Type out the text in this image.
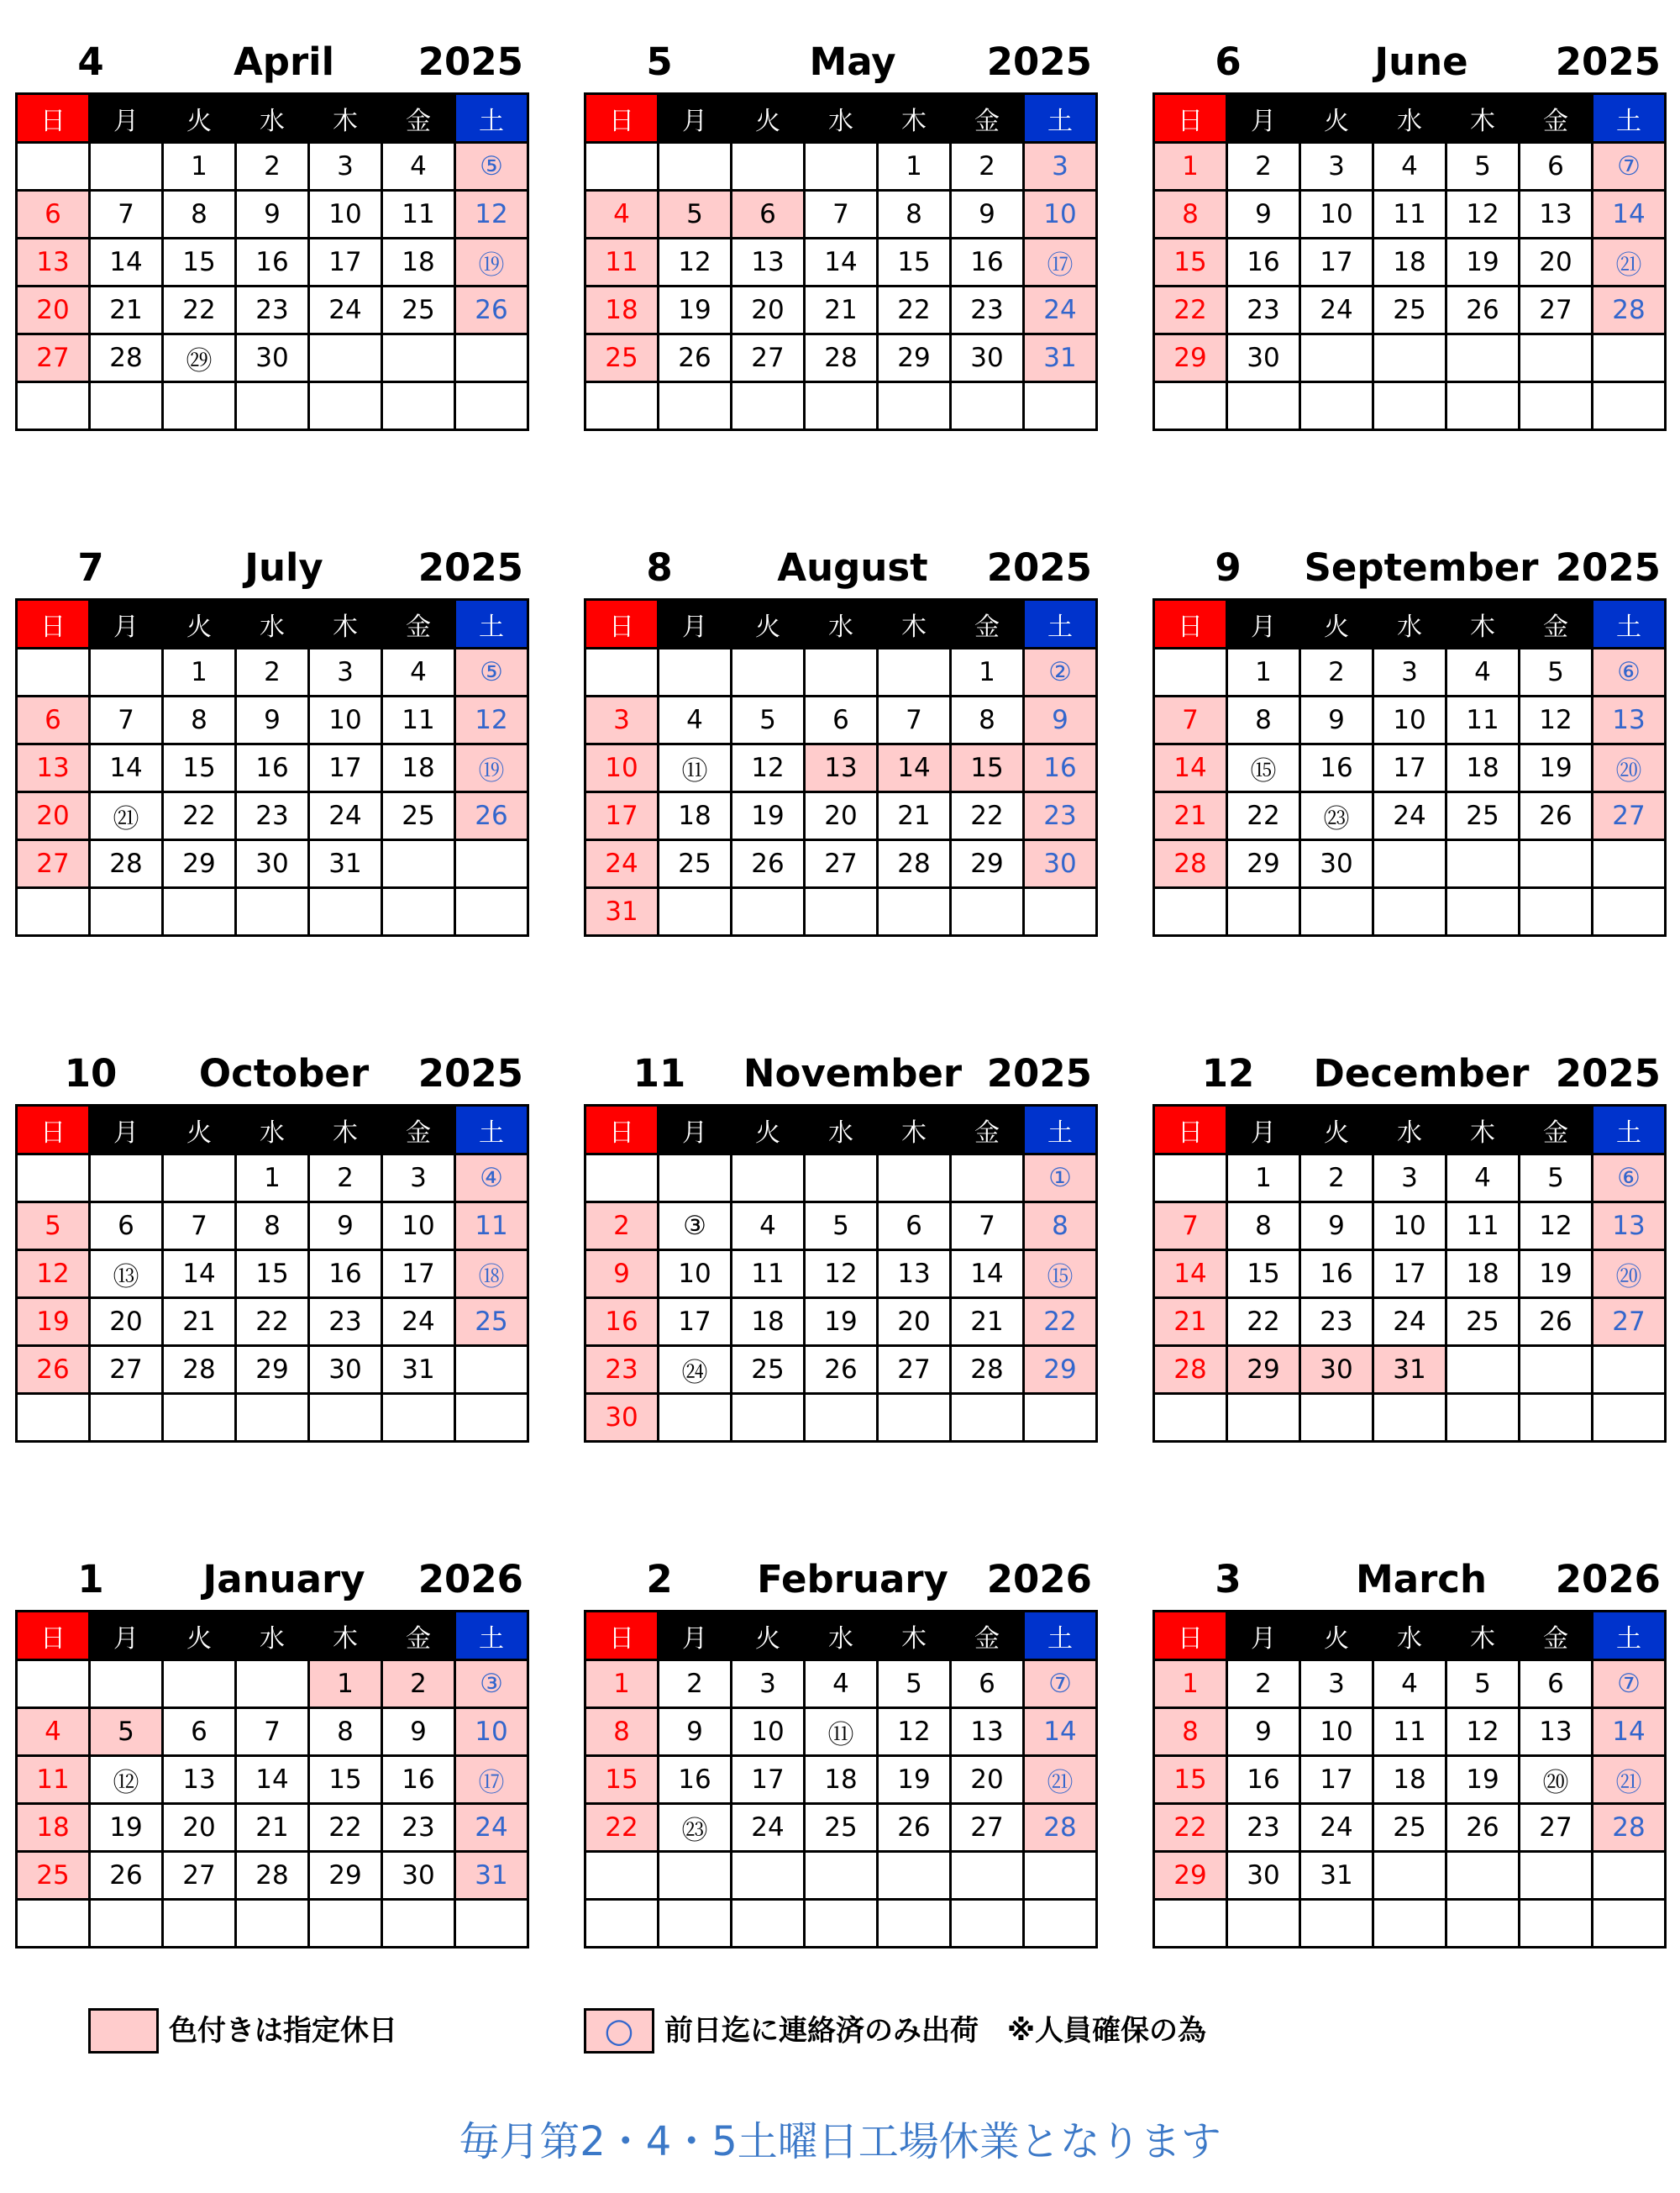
4	April	2025
日	月	火	水	木	金	土
		1	2	3	4	⑤
6	7	8	9	10	11	12
13	14	15	16	17	18	⑲
20	21	22	23	24	25	26
27	28	㉙	30			

5	May	2025
日	月	火	水	木	金	土
				1	2	3
4	5	6	7	8	9	10
11	12	13	14	15	16	⑰
18	19	20	21	22	23	24
25	26	27	28	29	30	31

6	June	2025
日	月	火	水	木	金	土
1	2	3	4	5	6	⑦
8	9	10	11	12	13	14
15	16	17	18	19	20	㉑
22	23	24	25	26	27	28
29	30					

7	July	2025
日	月	火	水	木	金	土
		1	2	3	4	⑤
6	7	8	9	10	11	12
13	14	15	16	17	18	⑲
20	㉑	22	23	24	25	26
27	28	29	30	31		

8	August	2025
日	月	火	水	木	金	土
					1	②
3	4	5	6	7	8	9
10	⑪	12	13	14	15	16
17	18	19	20	21	22	23
24	25	26	27	28	29	30
31						
9	September 2025
日	月	火	水	木	金	土
	1	2	3	4	5	⑥
7	8	9	10	11	12	13
14	⑮	16	17	18	19	⑳
21	22	㉓	24	25	26	27
28	29	30				

10	October	2025
日	月	火	水	木	金	土
			1	2	3	④
5	6	7	8	9	10	11
12	⑬	14	15	16	17	⑱
19	20	21	22	23	24	25
26	27	28	29	30	31	

11	November 2025
日	月	火	水	木	金	土
						①
2	③	4	5	6	7	8
9	10	11	12	13	14	⑮
16	17	18	19	20	21	22
23	㉔	25	26	27	28	29
30						
12	December 2025
日	月	火	水	木	金	土
	1	2	3	4	5	⑥
7	8	9	10	11	12	13
14	15	16	17	18	19	⑳
21	22	23	24	25	26	27
28	29	30	31			

1	January	2026
日	月	火	水	木	金	土
				1	2	③
4	5	6	7	8	9	10
11	⑫	13	14	15	16	⑰
18	19	20	21	22	23	24
25	26	27	28	29	30	31

2	February	2026
日	月	火	水	木	金	土
1	2	3	4	5	6	⑦
8	9	10	⑪	12	13	14
15	16	17	18	19	20	㉑
22	㉓	24	25	26	27	28

3	March	2026
日	月	火	水	木	金	土
1	2	3	4	5	6	⑦
8	9	10	11	12	13	14
15	16	17	18	19	⑳	㉑
22	23	24	25	26	27	28
29	30	31				

色付きは指定休日	○	前日迄に連絡済のみ出荷　※人員確保の為
毎月第2・4・5土曜日工場休業となります
